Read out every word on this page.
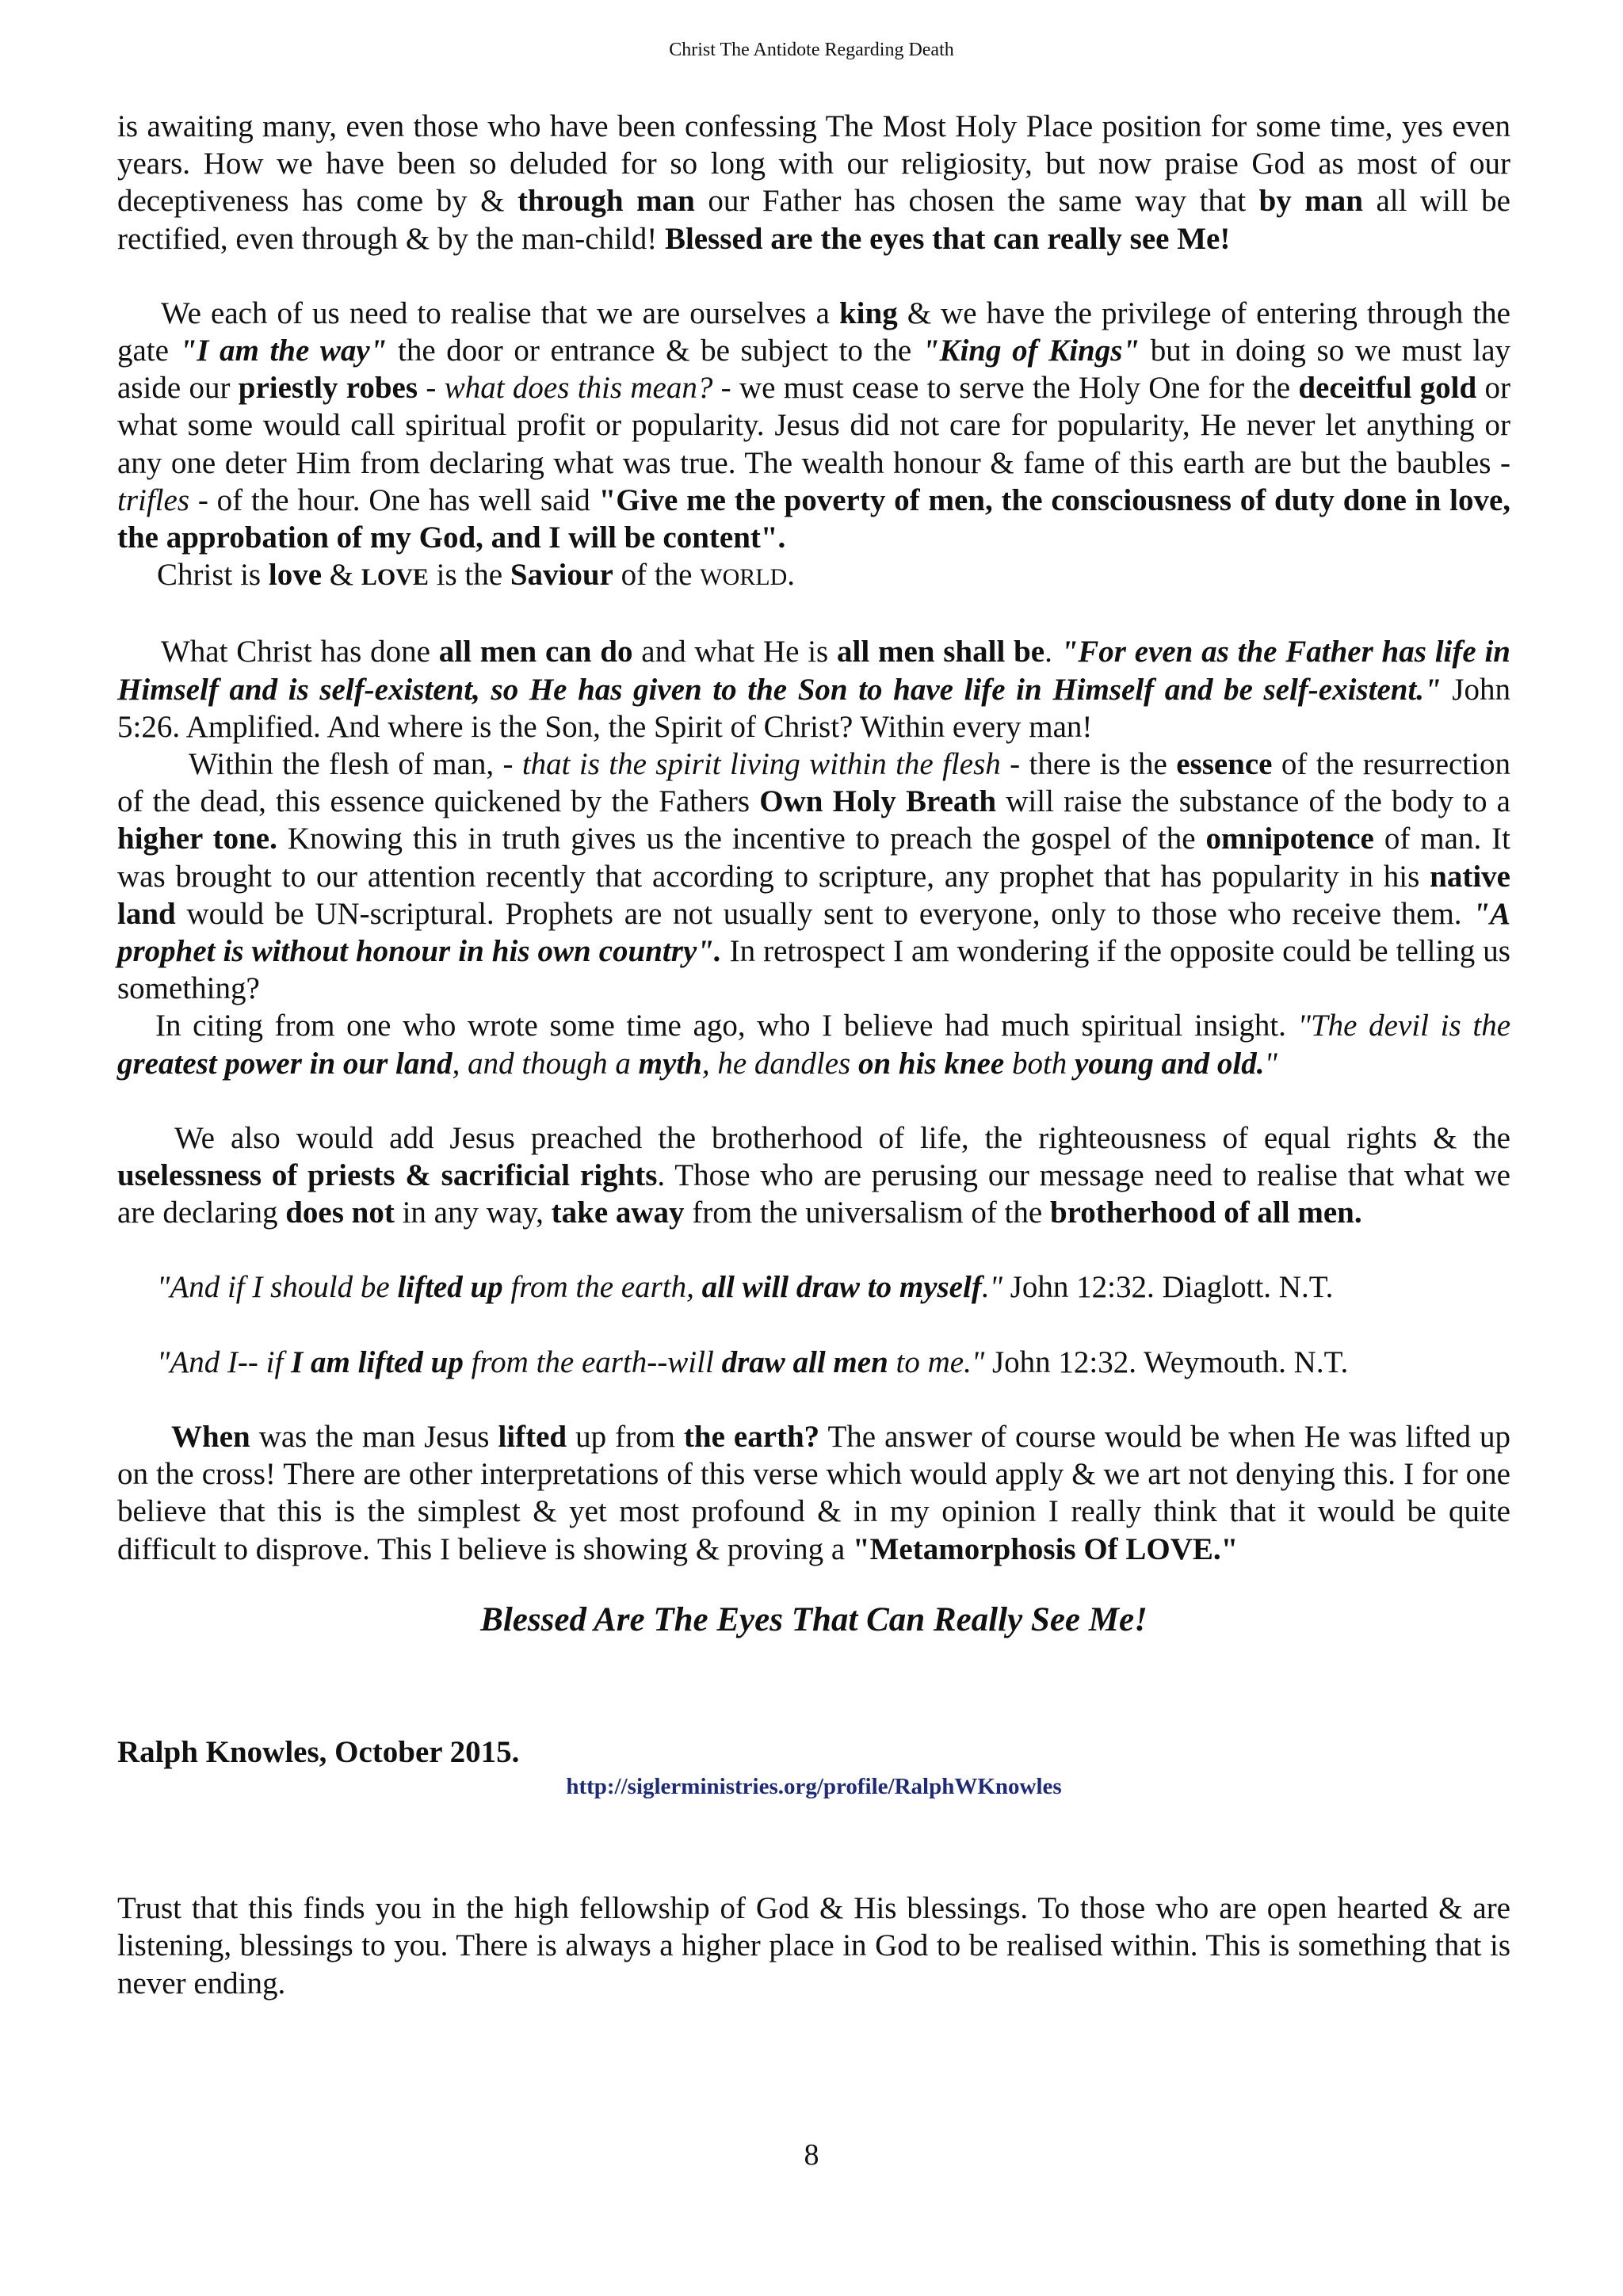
Christ The Antidote Regarding Death

is awaiting many, even those who have been confessing The Most Holy Place position for some time, yes even years. How we have been so deluded for so long with our religiosity, but now praise God as most of our deceptiveness has come by & through man our Father has chosen the same way that by man all will be rectified, even through & by the man-child! Blessed are the eyes that can really see Me!

We each of us need to realise that we are ourselves a king & we have the privilege of entering through the gate "I am the way" the door or entrance & be subject to the "King of Kings" but in doing so we must lay aside our priestly robes - what does this mean? - we must cease to serve the Holy One for the deceitful gold or what some would call spiritual profit or popularity. Jesus did not care for popularity, He never let anything or any one deter Him from declaring what was true. The wealth honour & fame of this earth are but the baubles - trifles - of the hour. One has well said "Give me the poverty of men, the consciousness of duty done in love, the approbation of my God, and I will be content".

Christ is love & LOVE is the Saviour of the WORLD.

What Christ has done all men can do and what He is all men shall be. "For even as the Father has life in Himself and is self-existent, so He has given to the Son to have life in Himself and be self-existent." John 5:26. Amplified. And where is the Son, the Spirit of Christ? Within every man!

Within the flesh of man, - that is the spirit living within the flesh - there is the essence of the resurrection of the dead, this essence quickened by the Fathers Own Holy Breath will raise the substance of the body to a higher tone. Knowing this in truth gives us the incentive to preach the gospel of the omnipotence of man. It was brought to our attention recently that according to scripture, any prophet that has popularity in his native land would be UN-scriptural. Prophets are not usually sent to everyone, only to those who receive them. "A prophet is without honour in his own country". In retrospect I am wondering if the opposite could be telling us something?

In citing from one who wrote some time ago, who I believe had much spiritual insight. "The devil is the greatest power in our land, and though a myth, he dandles on his knee both young and old."

We also would add Jesus preached the brotherhood of life, the righteousness of equal rights & the uselessness of priests & sacrificial rights. Those who are perusing our message need to realise that what we are declaring does not in any way, take away from the universalism of the brotherhood of all men.

"And if I should be lifted up from the earth, all will draw to myself." John 12:32. Diaglott. N.T.

"And I-- if I am lifted up from the earth--will draw all men to me." John 12:32. Weymouth. N.T.

When was the man Jesus lifted up from the earth? The answer of course would be when He was lifted up on the cross! There are other interpretations of this verse which would apply & we art not denying this. I for one believe that this is the simplest & yet most profound & in my opinion I really think that it would be quite difficult to disprove. This I believe is showing & proving a "Metamorphosis Of LOVE."

Blessed Are The Eyes That Can Really See Me!

Ralph Knowles, October 2015.

http://siglerministries.org/profile/RalphWKnowles

Trust that this finds you in the high fellowship of God & His blessings. To those who are open hearted & are listening, blessings to you. There is always a higher place in God to be realised within. This is something that is never ending.

8
